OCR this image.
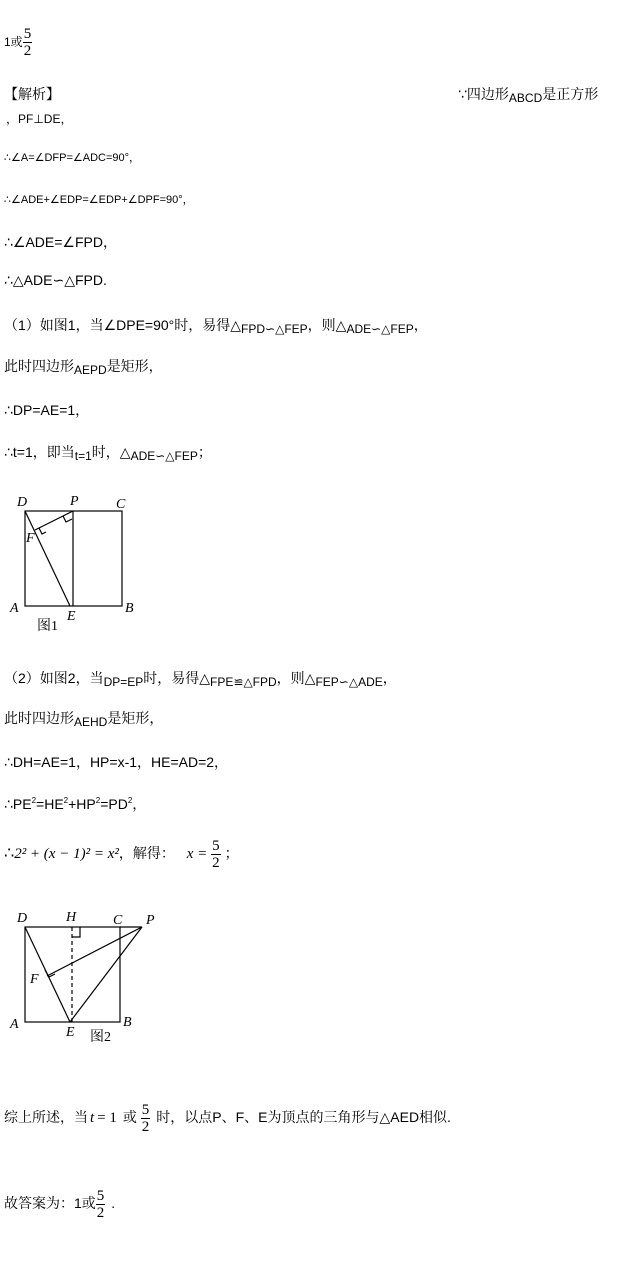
1或 $\frac{5}{2}$
【解析】	∵四边形ABCD是正方形
，PF⊥DE，
∴∠A=∠DFP=∠ADC=90°，
∴∠ADE+∠EDP=∠EDP+∠DPF=90°，
∴∠ADE=∠FPD，
∴△ADE∽△FPD.
（1）如图1，当∠DPE=90°时，易得△FPD∽△FEP，则△ADE∽△FEP，
此时四边形AEPD是矩形，
∴DP=AE=1，
∴t=1，即当t=1时，△ADE∽△FEP；
D	P	C
F
A
E
B
图1
（2）如图2，当DP=EP时，易得△FPE≌△FPD，则△FEP∽△ADE，
此时四边形AEHD是矩形，
∴DH=AE=1，HP=x-1，HE=AD=2，
$\therefore PE^2=HE^2+HP^2=PD^2$，
∴2² + (x − 1)² = x²，解得： $x = \frac{5}{2}$ ；
D	H	C P
F
A
E
B
图2
综上所述，当 t = 1 或 $\frac{5}{2}$ 时，以点P、F、E为顶点的三角形与△AED相似.
故答案为：1或 $\frac{5}{2}$ .
